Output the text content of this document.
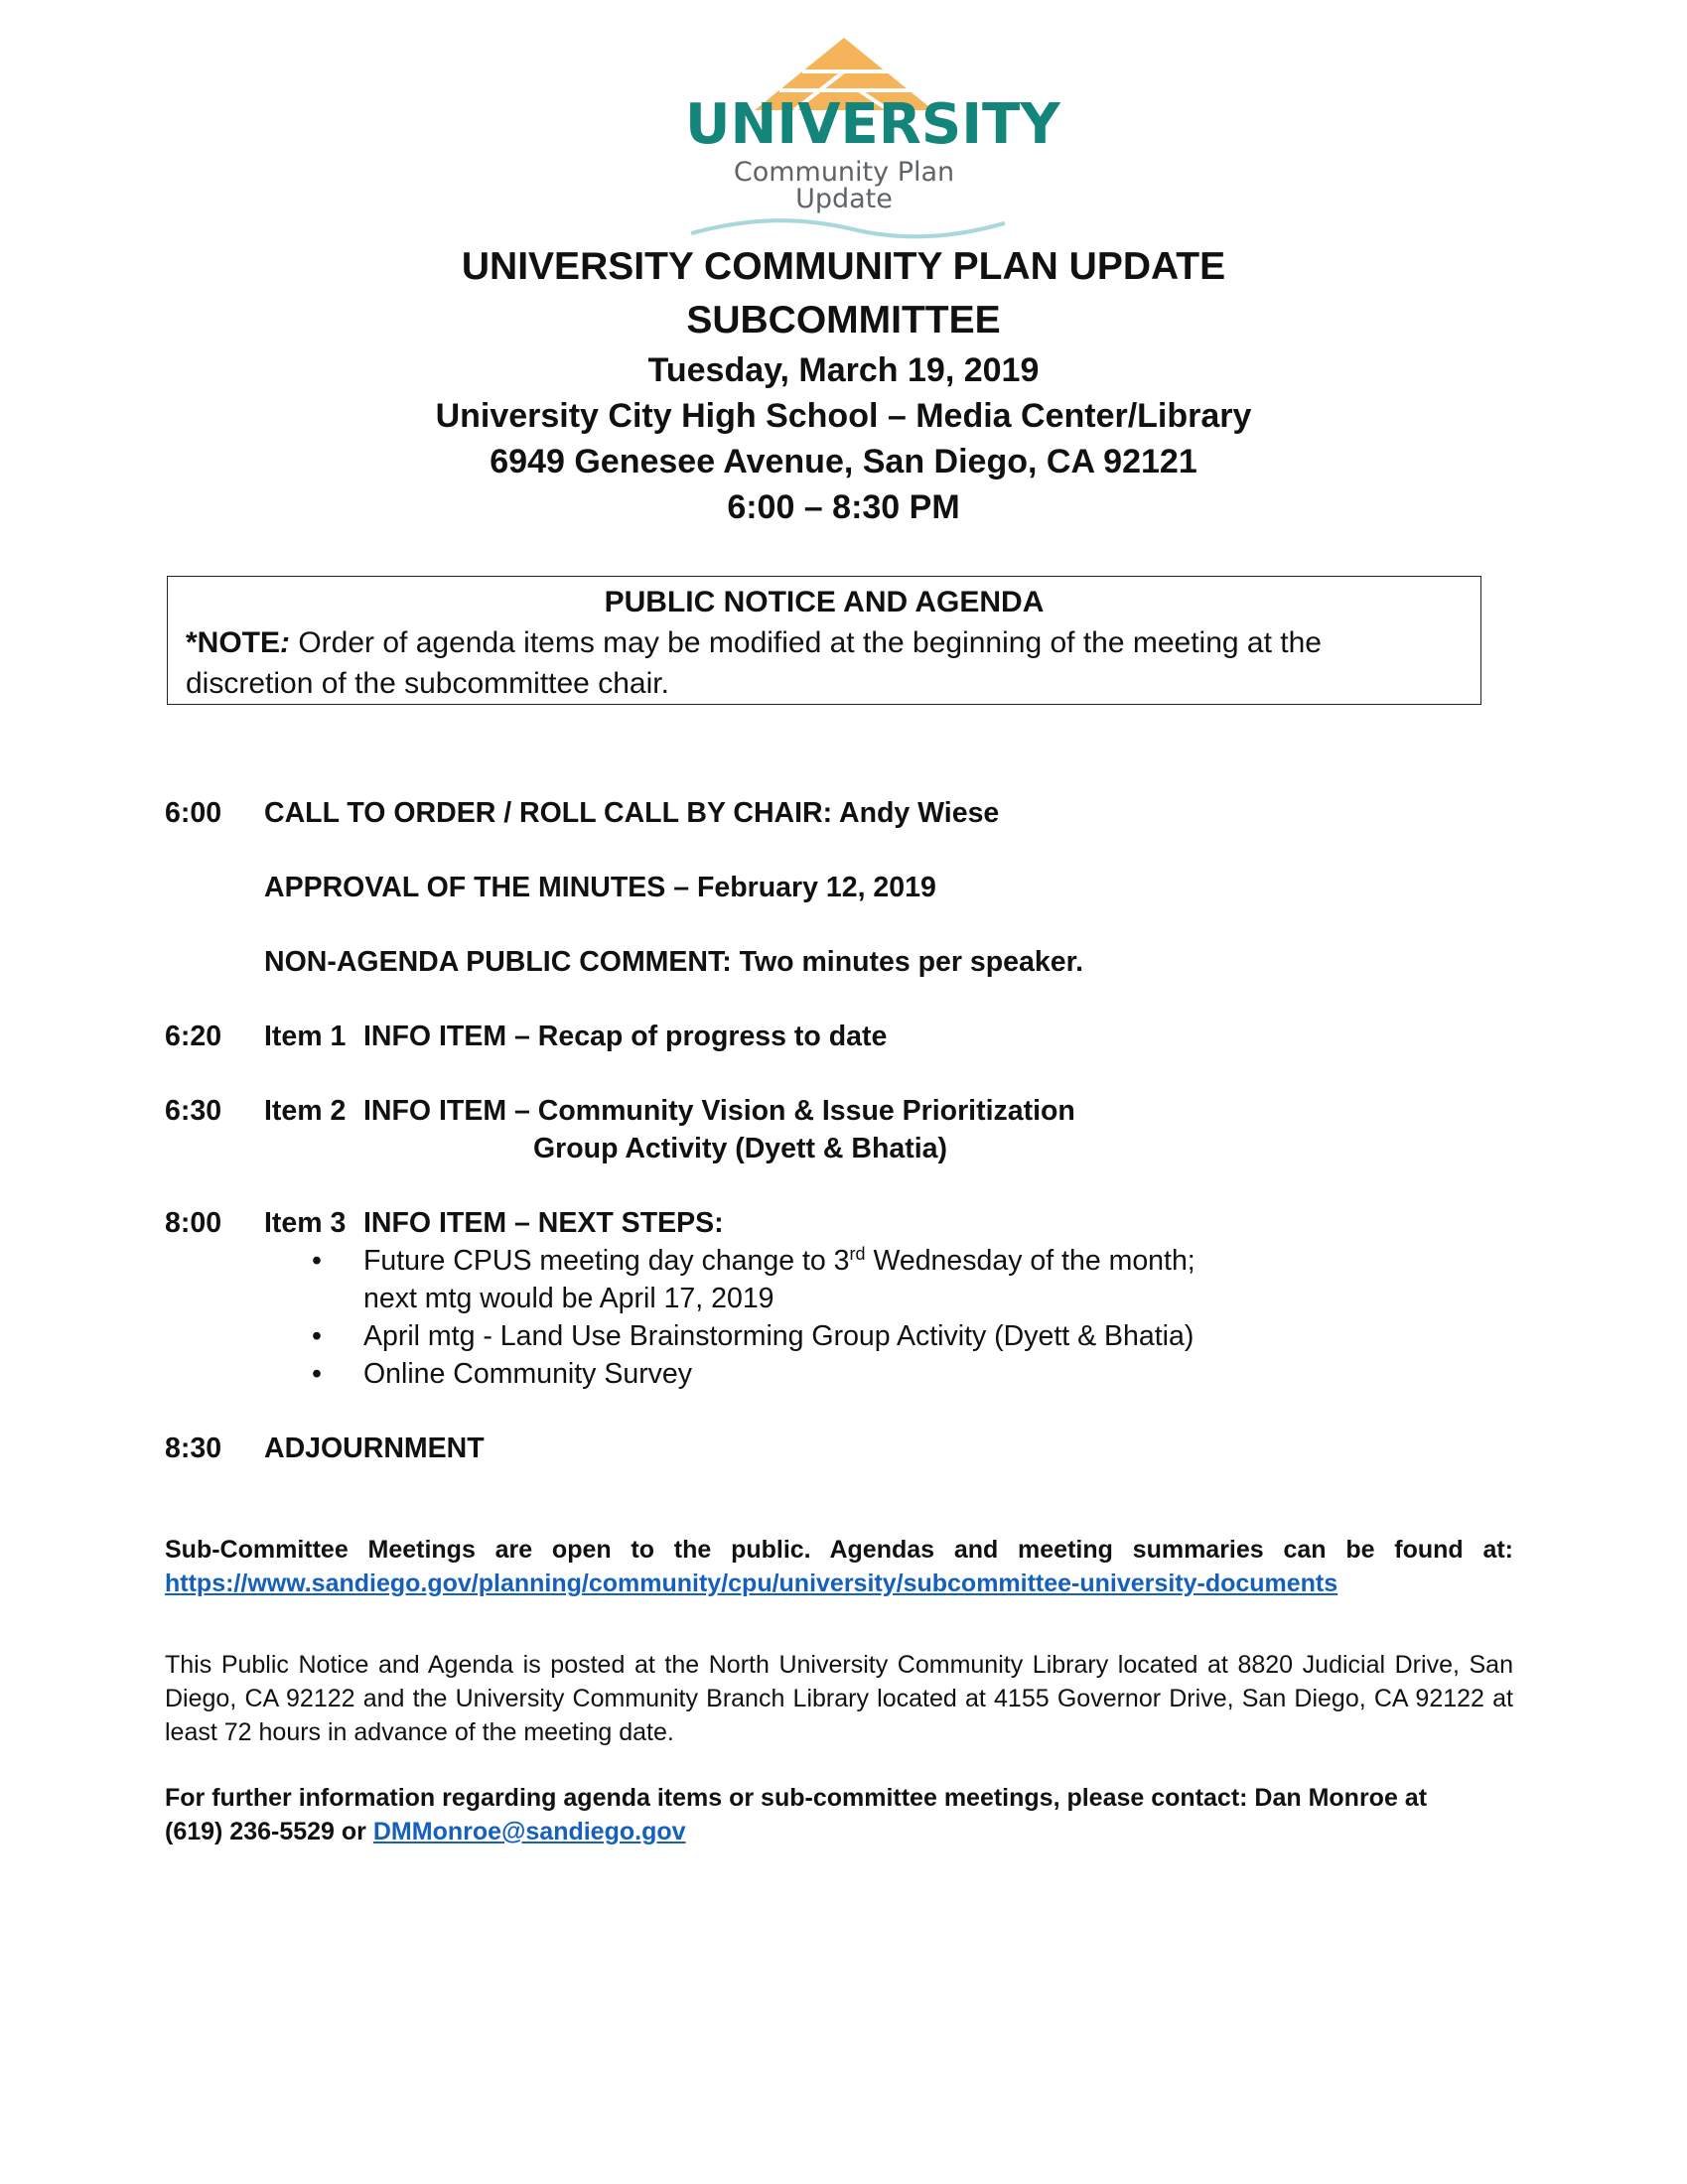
UNIVERSITY
Community Plan Update

UNIVERSITY COMMUNITY PLAN UPDATE

SUBCOMMITTEE

Tuesday, March 19, 2019

University City High School – Media Center/Library

6949 Genesee Avenue, San Diego, CA 92121

6:00 – 8:30 PM

PUBLIC NOTICE AND AGENDA
*NOTE: Order of agenda items may be modified at the beginning of the meeting at the
discretion of the subcommittee chair.
6:00 CALL TO ORDER / ROLL CALL BY CHAIR: Andy Wiese
APPROVAL OF THE MINUTES – February 12, 2019
NON-AGENDA PUBLIC COMMENT: Two minutes per speaker.
6:20 Item 1 INFO ITEM – Recap of progress to date
6:30 Item 2 INFO ITEM – Community Vision & Issue Prioritization
Group Activity (Dyett & Bhatia)
8:00 Item 3 INFO ITEM – NEXT STEPS:
• Future CPUS meeting day change to 3rd Wednesday of the month;
next mtg would be April 17, 2019
• April mtg - Land Use Brainstorming Group Activity (Dyett & Bhatia)
• Online Community Survey
8:30 ADJOURNMENT
Sub-Committee Meetings are open to the public. Agendas and meeting summaries can be found at:
https://www.sandiego.gov/planning/community/cpu/university/subcommittee-university-documents
This Public Notice and Agenda is posted at the North University Community Library located at 8820 Judicial Drive, San Diego, CA 92122 and the University Community Branch Library located at 4155 Governor Drive, San Diego, CA 92122 at least 72 hours in advance of the meeting date.
For further information regarding agenda items or sub-committee meetings, please contact: Dan Monroe at
(619) 236-5529 or DMMonroe@sandiego.gov
